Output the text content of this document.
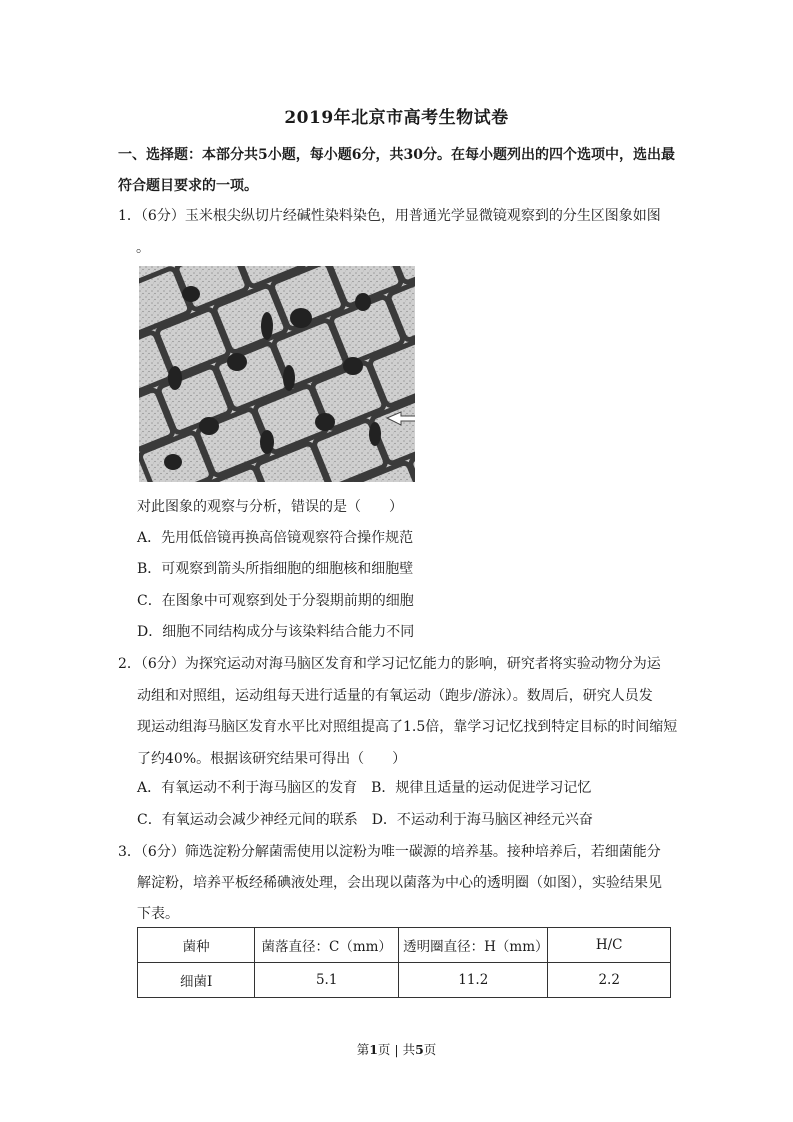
2019年北京市高考生物试卷
一、选择题：本部分共5小题，每小题6分，共30分。在每小题列出的四个选项中，选出最
符合题目要求的一项。
1．（6分）玉米根尖纵切片经碱性染料染色，用普通光学显微镜观察到的分生区图象如图
。
对此图象的观察与分析，错误的是（　　）
A．先用低倍镜再换高倍镜观察符合操作规范
B．可观察到箭头所指细胞的细胞核和细胞壁
C．在图象中可观察到处于分裂期前期的细胞
D．细胞不同结构成分与该染料结合能力不同
2．（6分）为探究运动对海马脑区发育和学习记忆能力的影响，研究者将实验动物分为运
动组和对照组，运动组每天进行适量的有氧运动（跑步/游泳）。数周后，研究人员发
现运动组海马脑区发育水平比对照组提高了1.5倍，靠学习记忆找到特定目标的时间缩短
了约40%。根据该研究结果可得出（　　）
A．有氧运动不利于海马脑区的发育　B．规律且适量的运动促进学习记忆
C．有氧运动会减少神经元间的联系　D．不运动利于海马脑区神经元兴奋
3．（6分）筛选淀粉分解菌需使用以淀粉为唯一碳源的培养基。接种培养后，若细菌能分
解淀粉，培养平板经稀碘液处理，会出现以菌落为中心的透明圈（如图），实验结果见
下表。
菌种	菌落直径：C（mm）	透明圈直径：H（mm）	H/C
细菌Ⅰ	5.1	11.2	2.2
第1页 | 共5页
